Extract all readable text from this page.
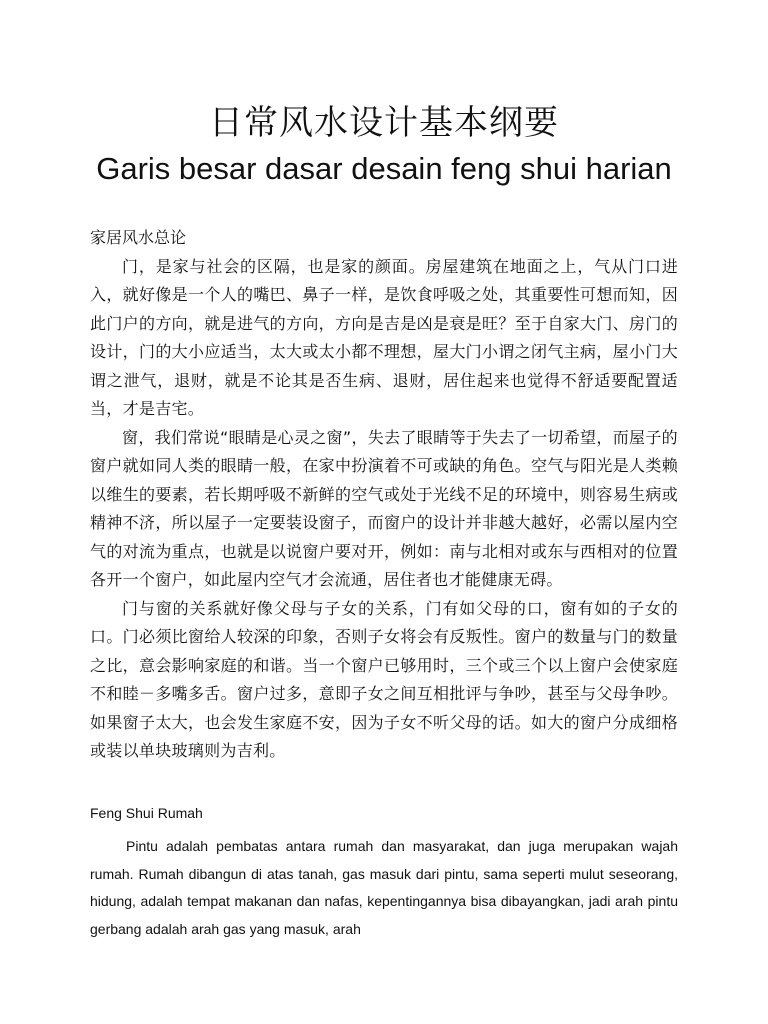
日常风水设计基本纲要
Garis besar dasar desain feng shui harian
家居风水总论

门，是家与社会的区隔，也是家的颜面。房屋建筑在地面之上，气从门口进入，就好像是一个人的嘴巴、鼻子一样，是饮食呼吸之处，其重要性可想而知，因此门户的方向，就是进气的方向，方向是吉是凶是衰是旺？至于自家大门、房门的设计，门的大小应适当，太大或太小都不理想，屋大门小谓之闭气主病，屋小门大谓之泄气，退财，就是不论其是否生病、退财，居住起来也觉得不舒适要配置适当，才是吉宅。

窗，我们常说“眼睛是心灵之窗”，失去了眼睛等于失去了一切希望，而屋子的窗户就如同人类的眼睛一般，在家中扮演着不可或缺的角色。空气与阳光是人类赖以维生的要素，若长期呼吸不新鲜的空气或处于光线不足的环境中，则容易生病或精神不济，所以屋子一定要装设窗子，而窗户的设计并非越大越好，必需以屋内空气的对流为重点，也就是以说窗户要对开，例如：南与北相对或东与西相对的位置各开一个窗户，如此屋内空气才会流通，居住者也才能健康无碍。

门与窗的关系就好像父母与子女的关系，门有如父母的口，窗有如的子女的口。门必须比窗给人较深的印象，否则子女将会有反叛性。窗户的数量与门的数量之比，意会影响家庭的和谐。当一个窗户已够用时，三个或三个以上窗户会使家庭不和睦－多嘴多舌。窗户过多，意即子女之间互相批评与争吵，甚至与父母争吵。如果窗子太大，也会发生家庭不安，因为子女不听父母的话。如大的窗户分成细格或装以单块玻璃则为吉利。

Feng Shui Rumah

Pintu adalah pembatas antara rumah dan masyarakat, dan juga merupakan wajah rumah. Rumah dibangun di atas tanah, gas masuk dari pintu, sama seperti mulut seseorang, hidung, adalah tempat makanan dan nafas, kepentingannya bisa dibayangkan, jadi arah pintu gerbang adalah arah gas yang masuk, arah
